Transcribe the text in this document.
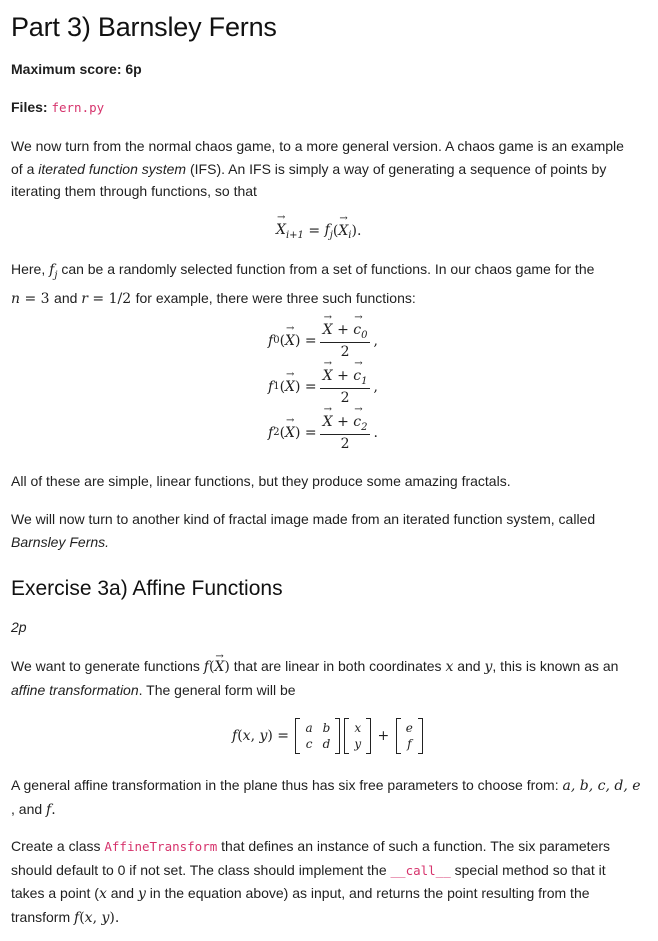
Part 3) Barnsley Ferns
Maximum score: 6p
Files: fern.py
We now turn from the normal chaos game, to a more general version. A chaos game is an example
of a iterated function system (IFS). An IFS is simply a way of generating a sequence of points by
iterating them through functions, so that
→ $X_{i+1} = f_j$ ( → X $_i$ ).
Here, $f_j$ can be a randomly selected function from a set of functions. In our chaos game for the
n = 3 and r = 1/2 for example, there were three such functions:
f 0 ( → X ) = → $\frac{X + \to c_0}{2}$ ,
f 1 ( → X ) = → $\frac{X + \to c_1}{2}$ ,
f 2 ( → X ) = → $\frac{X + \to c_2}{2}$ .
All of these are simple, linear functions, but they produce some amazing fractals.
We will now turn to another kind of fractal image made from an iterated function system, called
Barnsley Ferns.
Exercise 3a) Affine Functions
2p
We want to generate functions f(→ X) that are linear in both coordinates x and y, this is known as an
affine transformation. The general form will be
f ( x , y ) = a b
c d
x
y + e
f
A general affine transformation in the plane thus has six free parameters to choose from: a, b, c, d, e
, and f.
Create a class AffineTransform that defines an instance of such a function. The six parameters
should default to 0 if not set. The class should implement the __call__ special method so that it
takes a point (x and y in the equation above) as input, and returns the point resulting from the
transform f(x, y).
